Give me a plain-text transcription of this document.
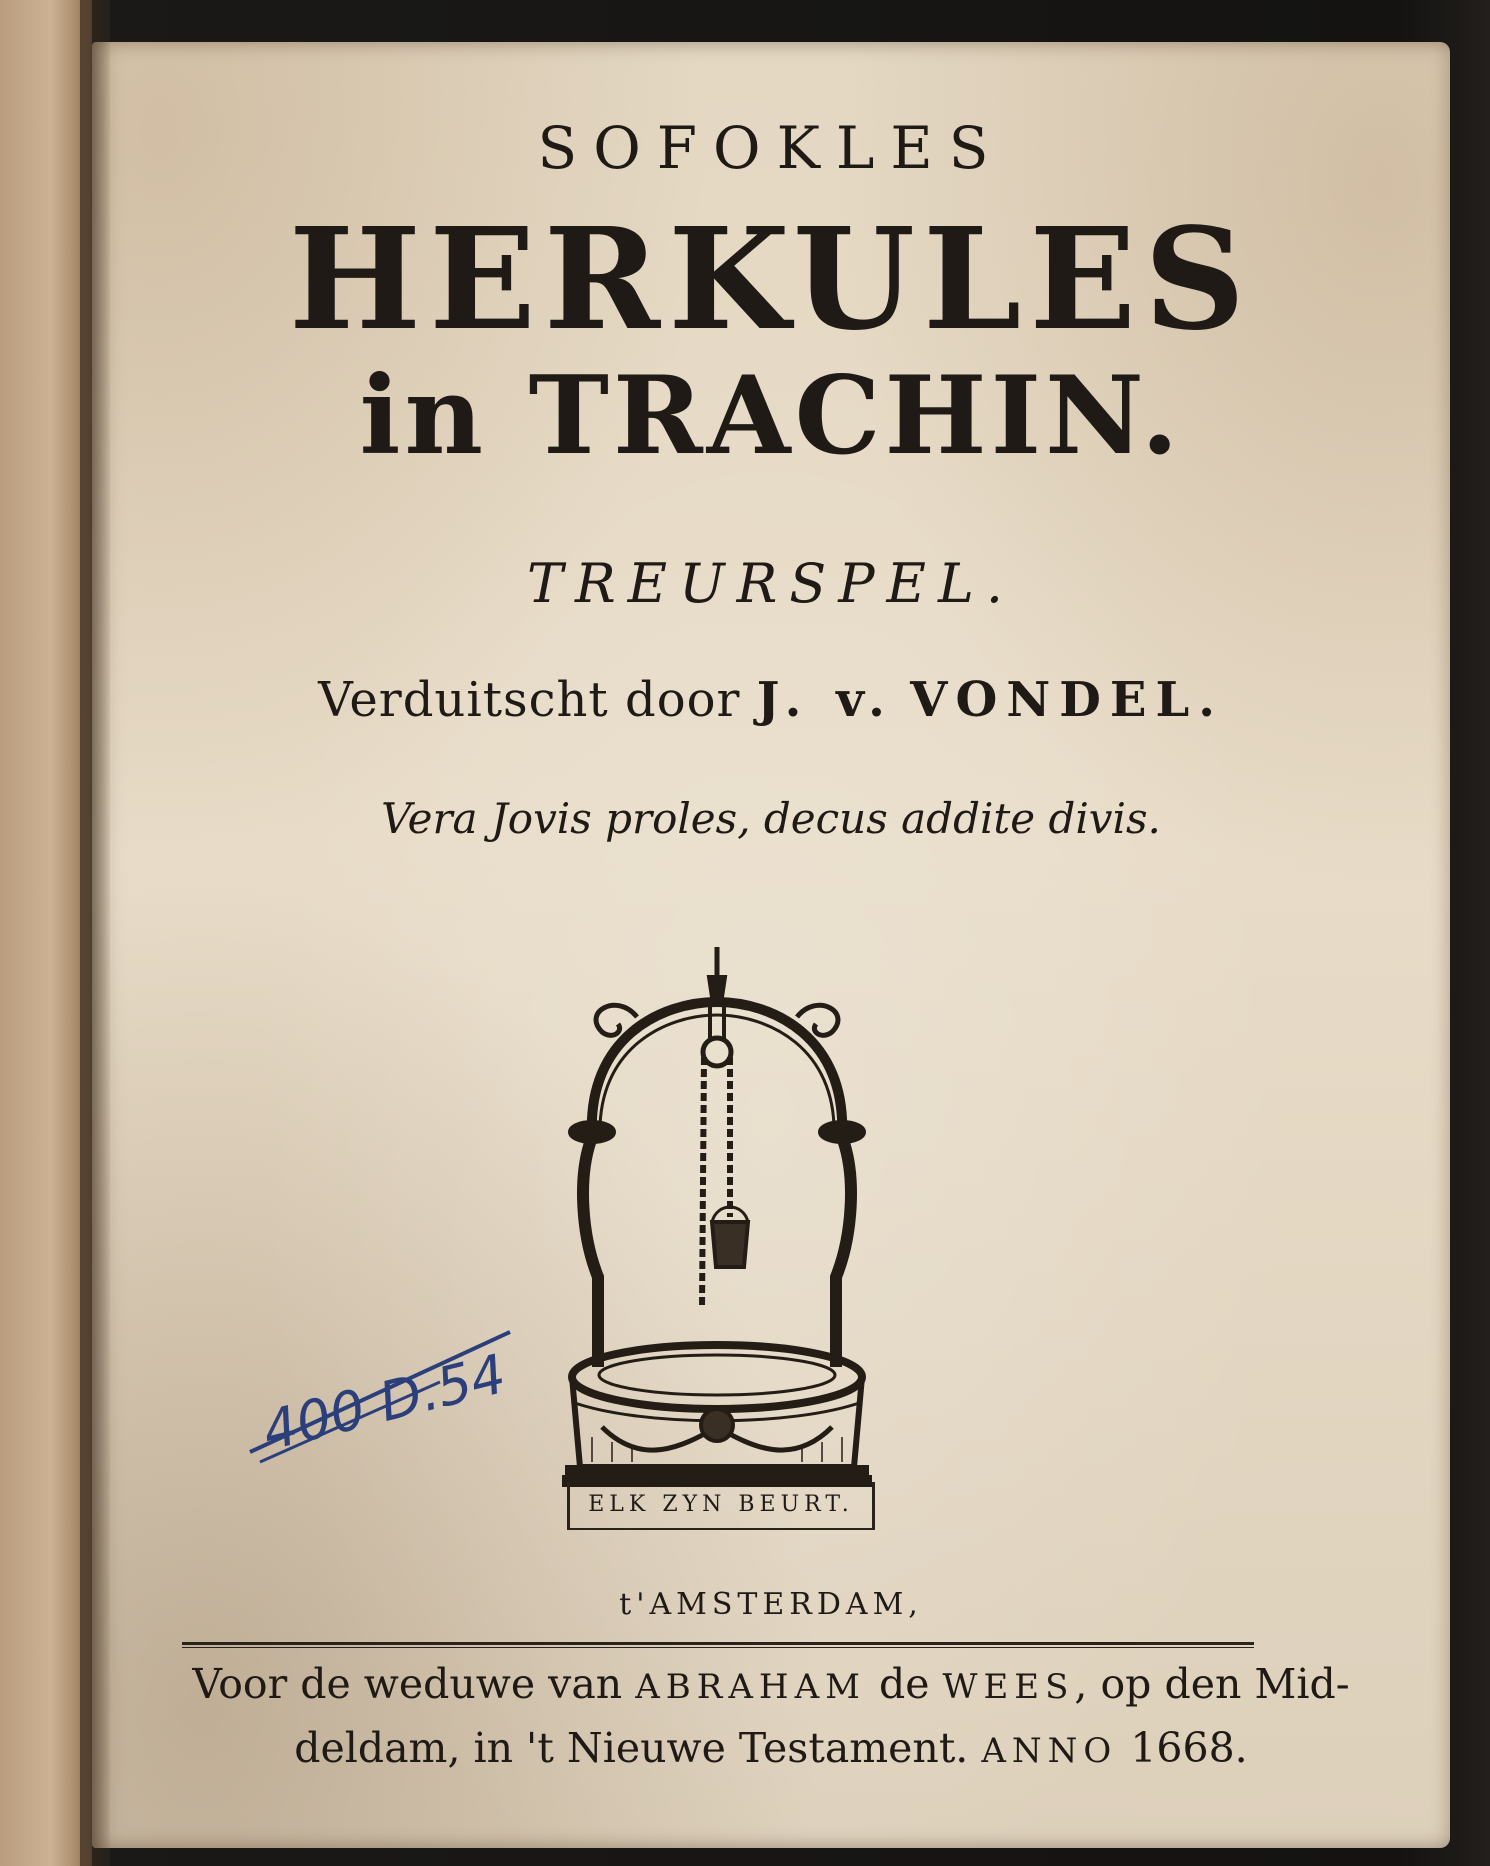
SOFOKLES
HERKULES
in TRACHIN.
TREURSPEL.
Verduitscht door J. v. VONDEL.
Vera Jovis proles, decus addite divis.
ELK ZYN BEURT.
400 D.54
t'AMSTERDAM,
Voor de weduwe van ABRAHAM de WEES, op den Mid-
deldam, in 't Nieuwe Testament. ANNO 1668.
